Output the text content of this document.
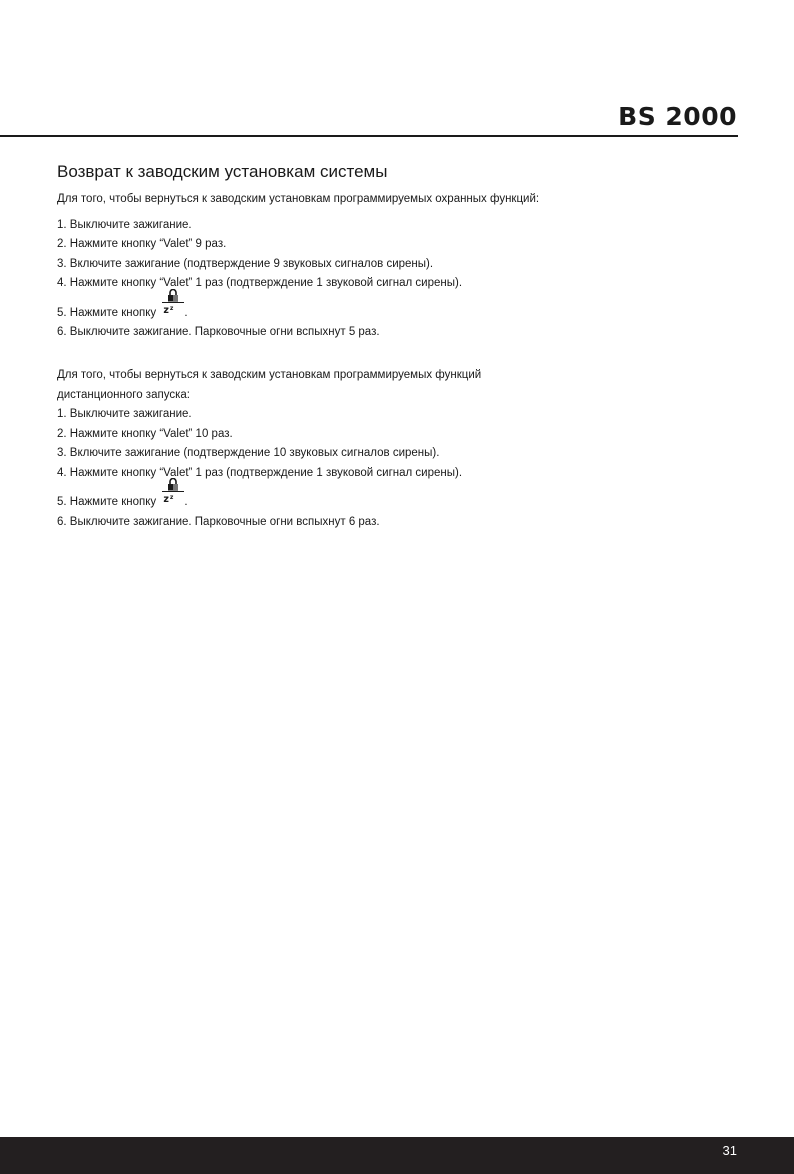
BS 2000
Возврат к заводским установкам системы

Для того, чтобы вернуться к заводским установкам программируемых охранных функций:

1. Выключите зажигание.
2. Нажмите кнопку “Valet” 9 раз.
3. Включите зажигание (подтверждение 9 звуковых сигналов сирены).
4. Нажмите кнопку “Valet” 1 раз (подтверждение 1 звуковой сигнал сирены).
5. Нажмите кнопку $z^z$ .
6. Выключите зажигание. Парковочные огни вспыхнут 5 раз.

Для того, чтобы вернуться к заводским установкам программируемых функций

дистанционного запуска:

1. Выключите зажигание.
2. Нажмите кнопку “Valet” 10 раз.
3. Включите зажигание (подтверждение 10 звуковых сигналов сирены).
4. Нажмите кнопку “Valet” 1 раз (подтверждение 1 звуковой сигнал сирены).
5. Нажмите кнопку $z^z$ .
6. Выключите зажигание. Парковочные огни вспыхнут 6 раз.
31
